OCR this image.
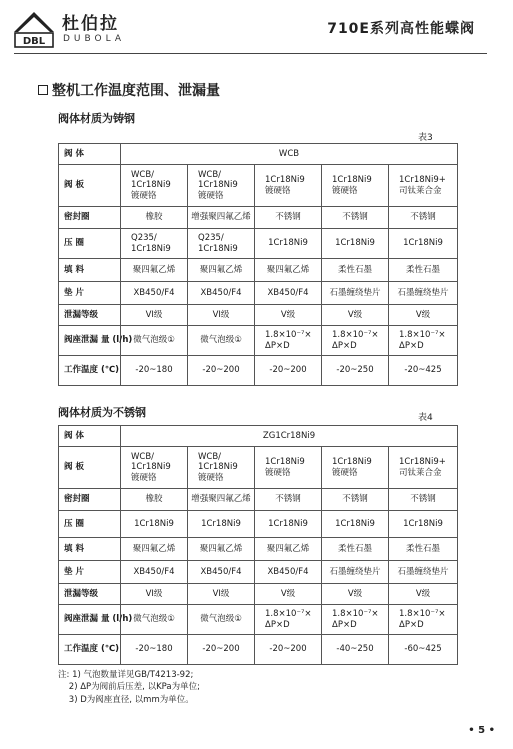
DBL
杜伯拉
DUBOLA
710E系列高性能蝶阀
整机工作温度范围、泄漏量
阀体材质为铸钢
表3
阀 体	WCB				
阀 板	WCB/
1Cr18Ni9
镀硬铬	WCB/
1Cr18Ni9
镀硬铬	1Cr18Ni9
镀硬铬	1Cr18Ni9
镀硬铬	1Cr18Ni9+
司钛莱合金
密封圈	橡胶	增强聚四氟乙烯	不锈钢	不锈钢	不锈钢
压 圈	Q235/
1Cr18Ni9	Q235/
1Cr18Ni9	1Cr18Ni9	1Cr18Ni9	1Cr18Ni9
填 料	聚四氟乙烯	聚四氟乙烯	聚四氟乙烯	柔性石墨	柔性石墨
垫 片	XB450/F4	XB450/F4	XB450/F4	石墨缠绕垫片	石墨缠绕垫片
泄漏等级	VI级	VI级	V级	V级	V级
阀座泄漏 量 (l/h)	微气泡级①	微气泡级①	1.8×10⁻⁷×
ΔP×D	1.8×10⁻⁷×
ΔP×D	1.8×10⁻⁷×
ΔP×D
工作温度 (℃)	-20~180	-20~200	-20~200	-20~250	-20~425
阀体材质为不锈钢	表4
阀 体	ZG1Cr18Ni9				
阀 板	WCB/
1Cr18Ni9
镀硬铬	WCB/
1Cr18Ni9
镀硬铬	1Cr18Ni9
镀硬铬	1Cr18Ni9
镀硬铬	1Cr18Ni9+
司钛莱合金
密封圈	橡胶	增强聚四氟乙烯	不锈钢	不锈钢	不锈钢
压 圈	1Cr18Ni9	1Cr18Ni9	1Cr18Ni9	1Cr18Ni9	1Cr18Ni9
填 料	聚四氟乙烯	聚四氟乙烯	聚四氟乙烯	柔性石墨	柔性石墨
垫 片	XB450/F4	XB450/F4	XB450/F4	石墨缠绕垫片	石墨缠绕垫片
泄漏等级	VI级	VI级	V级	V级	V级
阀座泄漏 量 (l/h)	微气泡级①	微气泡级①	1.8×10⁻⁷×
ΔP×D	1.8×10⁻⁷×
ΔP×D	1.8×10⁻⁷×
ΔP×D
工作温度 (℃)	-20~180	-20~200	-20~200	-40~250	-60~425
注: 1) 气泡数量详见GB/T4213-92;
2) ΔP为阀前后压差, 以KPa为单位;
3) D为阀座直径, 以mm为单位。
• 5 •
